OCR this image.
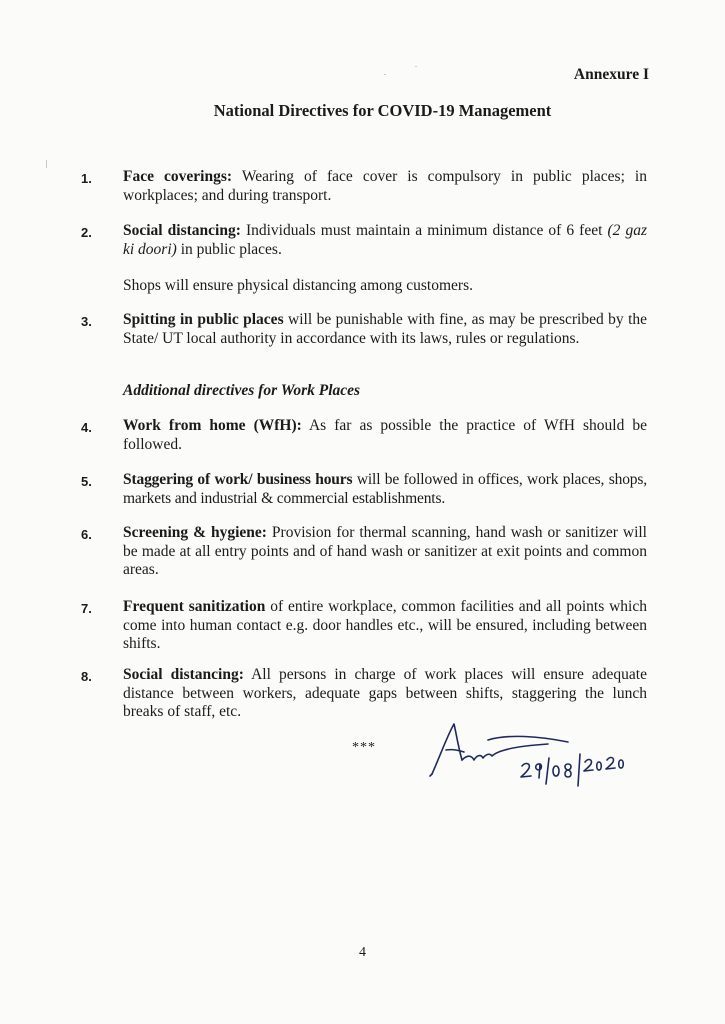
Annexure I

National Directives for COVID-19 Management
1. Face coverings: Wearing of face cover is compulsory in public places; in workplaces; and during transport.
2. Social distancing: Individuals must maintain a minimum distance of 6 feet (2 gaz ki doori) in public places.
Shops will ensure physical distancing among customers.
3. Spitting in public places will be punishable with fine, as may be prescribed by the State/ UT local authority in accordance with its laws, rules or regulations.
Additional directives for Work Places
4. Work from home (WfH): As far as possible the practice of WfH should be followed.
5. Staggering of work/ business hours will be followed in offices, work places, shops, markets and industrial & commercial establishments.
6. Screening & hygiene: Provision for thermal scanning, hand wash or sanitizer will be made at all entry points and of hand wash or sanitizer at exit points and common areas.
7. Frequent sanitization of entire workplace, common facilities and all points which come into human contact e.g. door handles etc., will be ensured, including between shifts.
8. Social distancing: All persons in charge of work places will ensure adequate distance between workers, adequate gaps between shifts, staggering the lunch breaks of staff, etc.
***
4
